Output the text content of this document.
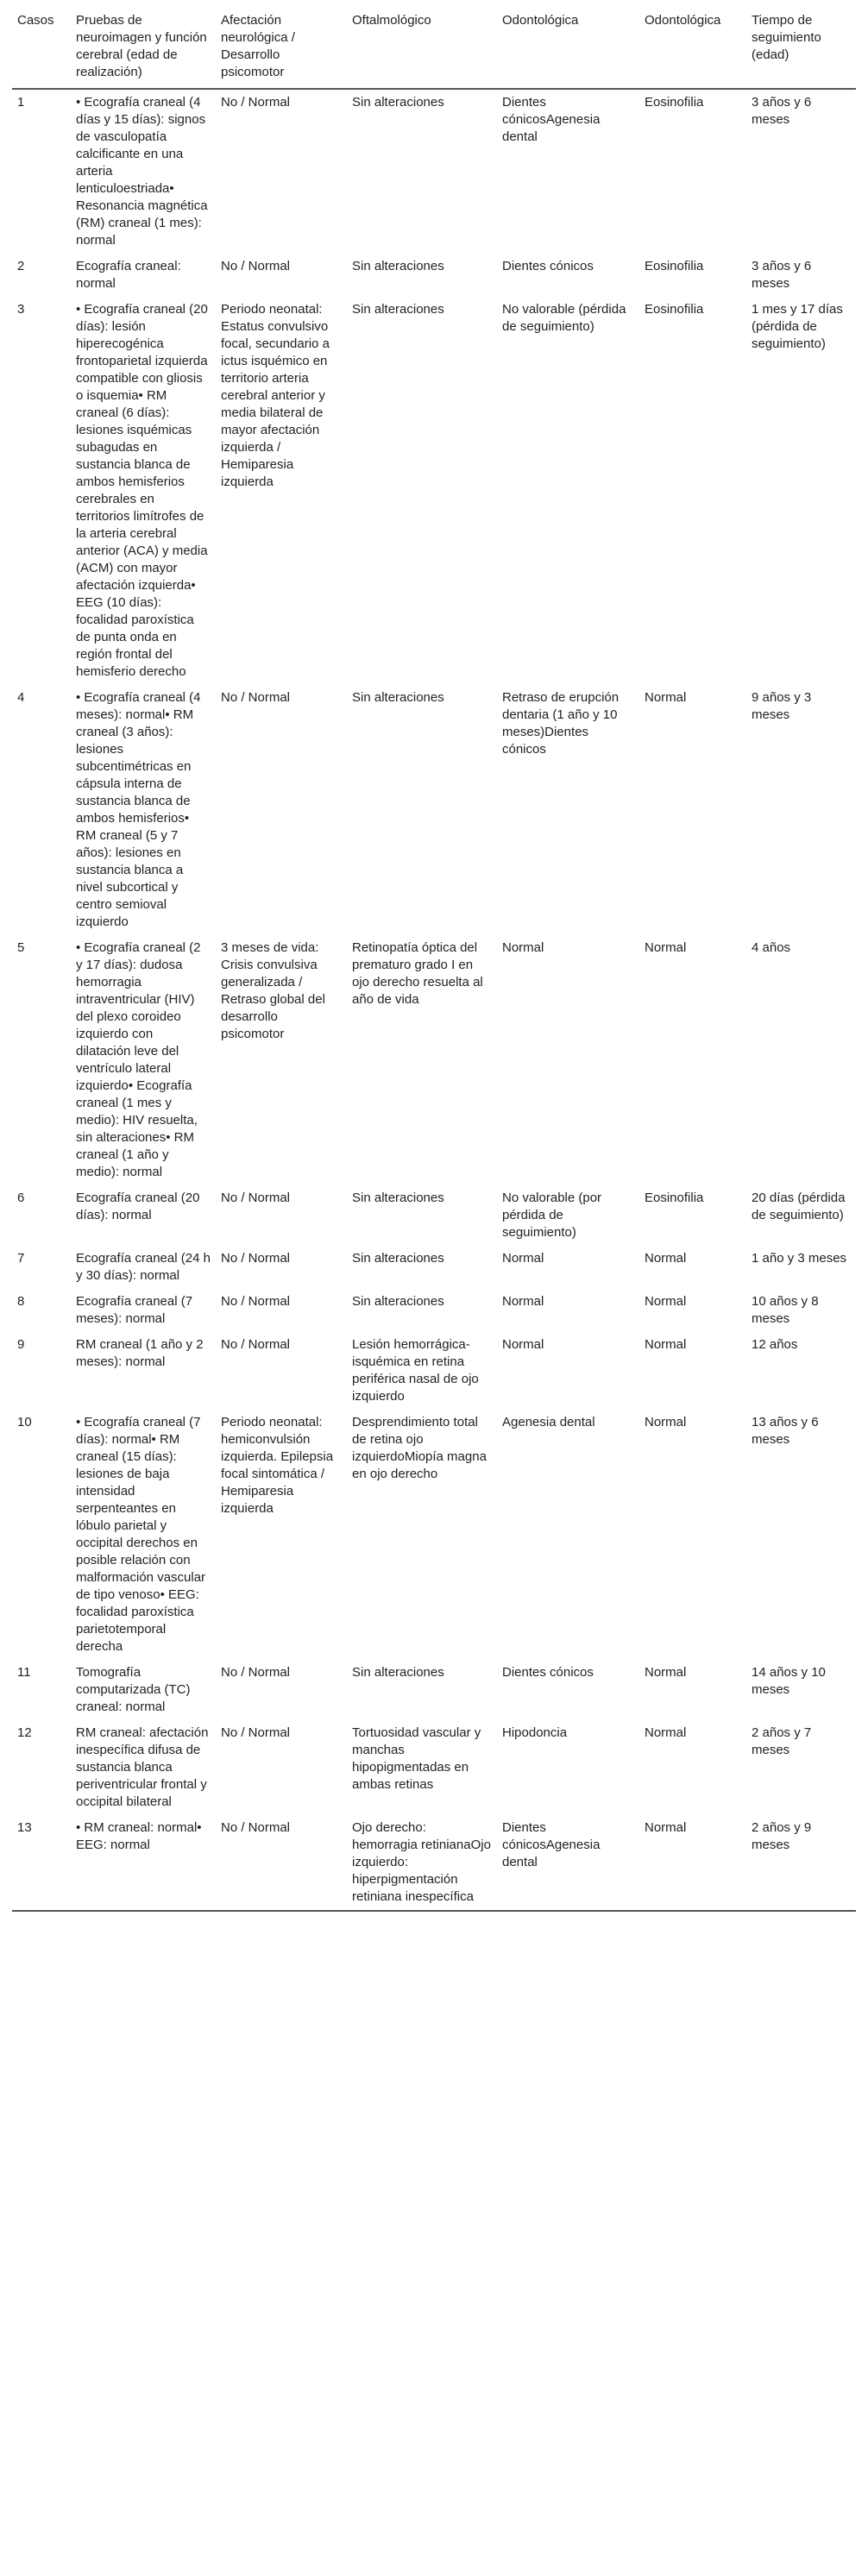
Casos	Pruebas de neuroimagen y función cerebral (edad de realización)	Afectación neurológica / Desarrollo psicomotor	Oftalmológico	Odontológica	Odontológica	Tiempo de seguimiento (edad)
1	• Ecografía craneal (4 días y 15 días): signos de vasculopatía calcificante en una arteria lenticuloestriada• Resonancia magnética (RM) craneal (1 mes): normal	No / Normal	Sin alteraciones	Dientes cónicosAgenesia dental	Eosinofilia	3 años y 6 meses
2	Ecografía craneal: normal	No / Normal	Sin alteraciones	Dientes cónicos	Eosinofilia	3 años y 6 meses
3	• Ecografía craneal (20 días): lesión hiperecogénica frontoparietal izquierda compatible con gliosis o isquemia• RM craneal (6 días): lesiones isquémicas subagudas en sustancia blanca de ambos hemisferios cerebrales en territorios limítrofes de la arteria cerebral anterior (ACA) y media (ACM) con mayor afectación izquierda• EEG (10 días): focalidad paroxística de punta onda en región frontal del hemisferio derecho	Periodo neonatal: Estatus convulsivo focal, secundario a ictus isquémico en territorio arteria cerebral anterior y media bilateral de mayor afectación izquierda / Hemiparesia izquierda	Sin alteraciones	No valorable (pérdida de seguimiento)	Eosinofilia	1 mes y 17 días (pérdida de seguimiento)
4	• Ecografía craneal (4 meses): normal• RM craneal (3 años): lesiones subcentimétricas en cápsula interna de sustancia blanca de ambos hemisferios• RM craneal (5 y 7 años): lesiones en sustancia blanca a nivel subcortical y centro semioval izquierdo	No / Normal	Sin alteraciones	Retraso de erupción dentaria (1 año y 10 meses)Dientes cónicos	Normal	9 años y 3 meses
5	• Ecografía craneal (2 y 17 días): dudosa hemorragia intraventricular (HIV) del plexo coroideo izquierdo con dilatación leve del ventrículo lateral izquierdo• Ecografía craneal (1 mes y medio): HIV resuelta, sin alteraciones• RM craneal (1 año y medio): normal	3 meses de vida: Crisis convulsiva generalizada / Retraso global del desarrollo psicomotor	Retinopatía óptica del prematuro grado I en ojo derecho resuelta al año de vida	Normal	Normal	4 años
6	Ecografía craneal (20 días): normal	No / Normal	Sin alteraciones	No valorable (por pérdida de seguimiento)	Eosinofilia	20 días (pérdida de seguimiento)
7	Ecografía craneal (24 h y 30 días): normal	No / Normal	Sin alteraciones	Normal	Normal	1 año y 3 meses
8	Ecografía craneal (7 meses): normal	No / Normal	Sin alteraciones	Normal	Normal	10 años y 8 meses
9	RM craneal (1 año y 2 meses): normal	No / Normal	Lesión hemorrágica-isquémica en retina periférica nasal de ojo izquierdo	Normal	Normal	12 años
10	• Ecografía craneal (7 días): normal• RM craneal (15 días): lesiones de baja intensidad serpenteantes en lóbulo parietal y occipital derechos en posible relación con malformación vascular de tipo venoso• EEG: focalidad paroxística parietotemporal derecha	Periodo neonatal: hemiconvulsión izquierda. Epilepsia focal sintomática / Hemiparesia izquierda	Desprendimiento total de retina ojo izquierdoMiopía magna en ojo derecho	Agenesia dental	Normal	13 años y 6 meses
11	Tomografía computarizada (TC) craneal: normal	No / Normal	Sin alteraciones	Dientes cónicos	Normal	14 años y 10 meses
12	RM craneal: afectación inespecífica difusa de sustancia blanca periventricular frontal y occipital bilateral	No / Normal	Tortuosidad vascular y manchas hipopigmentadas en ambas retinas	Hipodoncia	Normal	2 años y 7 meses
13	• RM craneal: normal• EEG: normal	No / Normal	Ojo derecho: hemorragia retinianaOjo izquierdo: hiperpigmentación retiniana inespecífica	Dientes cónicosAgenesia dental	Normal	2 años y 9 meses
